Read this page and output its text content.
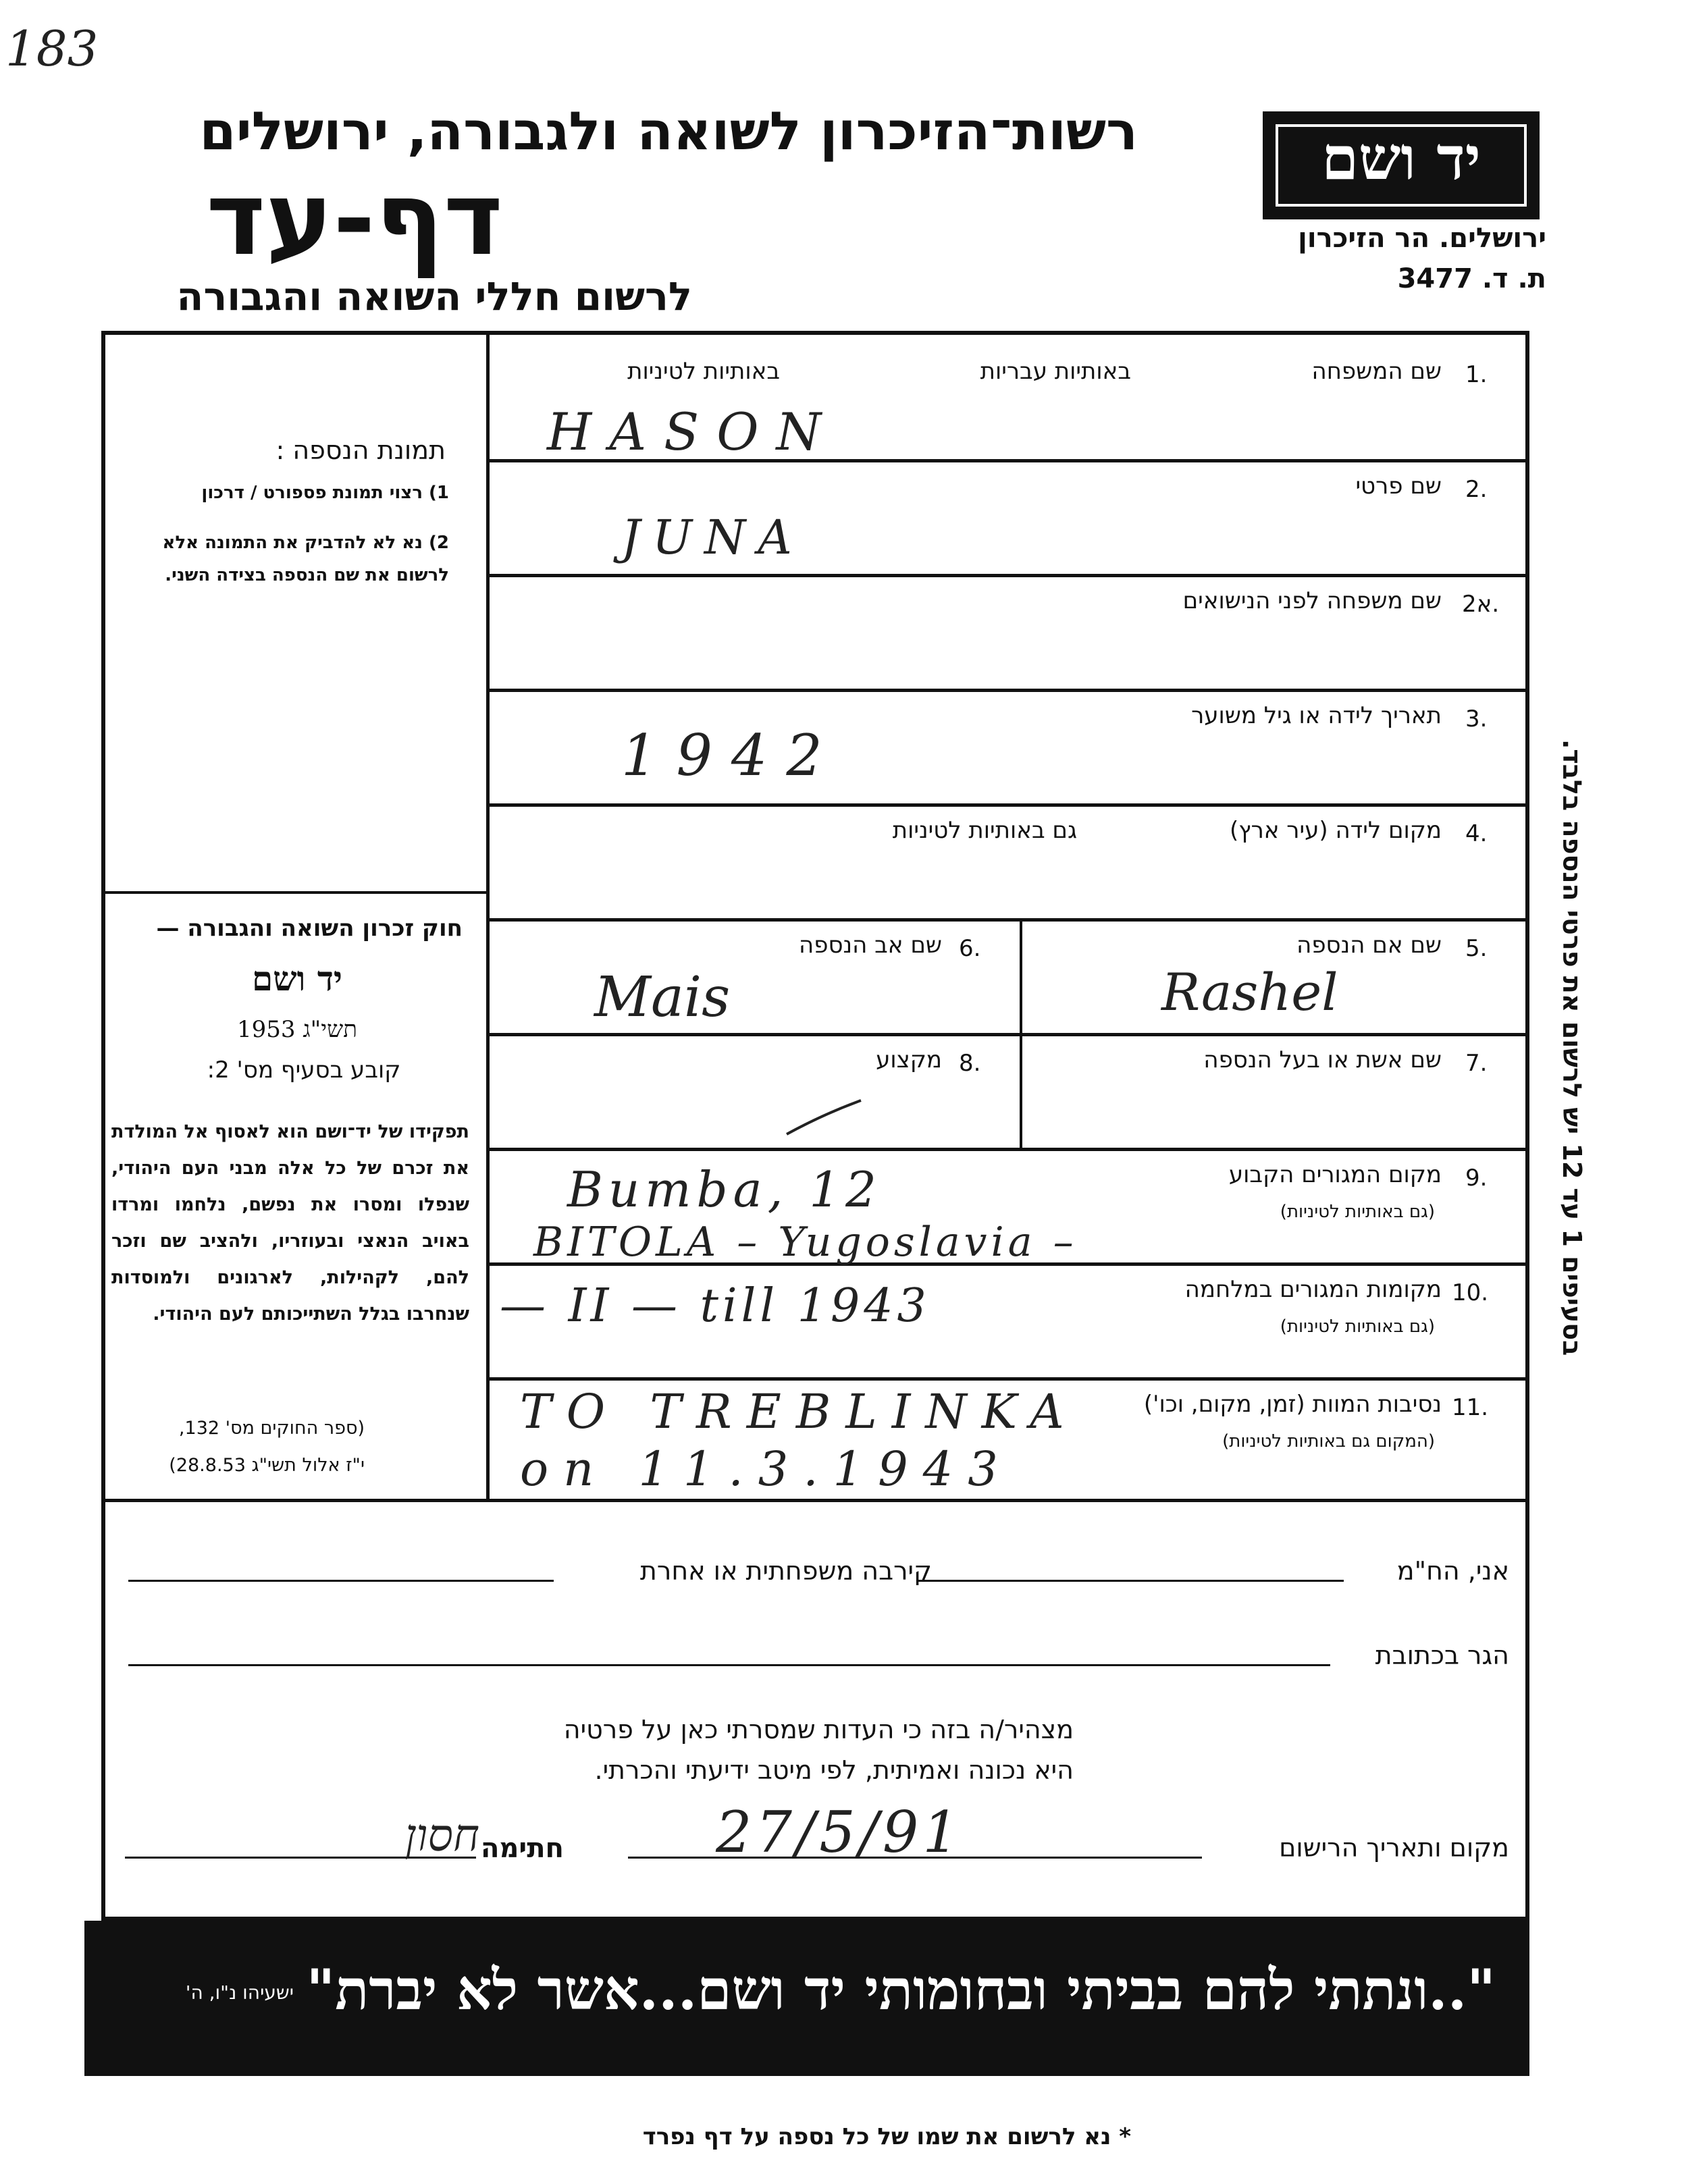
183
רשות־הזיכרון לשואה ולגבורה, ירושלים
דף-עד
לרשום חללי השואה והגבורה
יד ושם
ירושלים. הר הזיכרון
ת. ד. 3477
תמונת הנספה :
1) רצוי תמונת פספורט / דרכון
2) נא לא להדביק את התמונה אלא לרשום את שם הנספה בצידה השני.
חוק זכרון השואה והגבורה —
יד ושם
תשי"ג 1953
קובע בסעיף מס' 2:
תפקידו של יד־ושם הוא לאסוף אל המולדת את זכרם של כל אלה מבני העם היהודי, שנפלו ומסרו את נפשם, נלחמו ומרדו באויב הנאצי ובעוזריו, ולהציב שם וזכר להם, לקהילות, לארגונים ולמוסדות שנחרבו בגלל השתייכותם לעם היהודי.
(ספר החוקים מס' 132,
י"ז אלול תשי"ג 28.8.53)
1.
שם המשפחה
באותיות עבריות
באותיות לטיניות
HASON
2.
שם פרטי
JUNA
2א.
שם משפחה לפני הנישואים
3.
תאריך לידה או גיל משוער
1942
4.
מקום לידה (עיר ארץ)
גם באותיות לטיניות
5.
שם אם הנספה
Rashel
6.
שם אב הנספה
Mais
7.
שם אשת או בעל הנספה
8.
מקצוע
9.
מקום המגורים הקבוע
(גם באותיות לטיניות)
Bumba, 12
BITOLA – Yugoslavia –
10.
מקומות המגורים במלחמה
(גם באותיות לטיניות)
— II — till 1943
11.
נסיבות המוות (זמן, מקום, וכו')
(המקום גם באותיות לטיניות)
TO TREBLINKA
on 11.3.1943
בסעיפים 1 עד 12 יש לרשום את פרטי הנספה בלבד.
אני, הח"מ
קירבה משפחתית או אחרת
הגר בכתובת
מצהיר/ה בזה כי העדות שמסרתי כאן על פרטיה
היא נכונה ואמיתית, לפי מיטב ידיעתי והכרתי.
מקום ותאריך הרישום
27/5/91
חתימה
חסון
"..ונתתי להם בביתי ובחומותי יד ושם...אשר לא יברת"
ישעיהו נ"ו, ה'
* נא לרשום את שמו של כל נספה על דף נפרד
